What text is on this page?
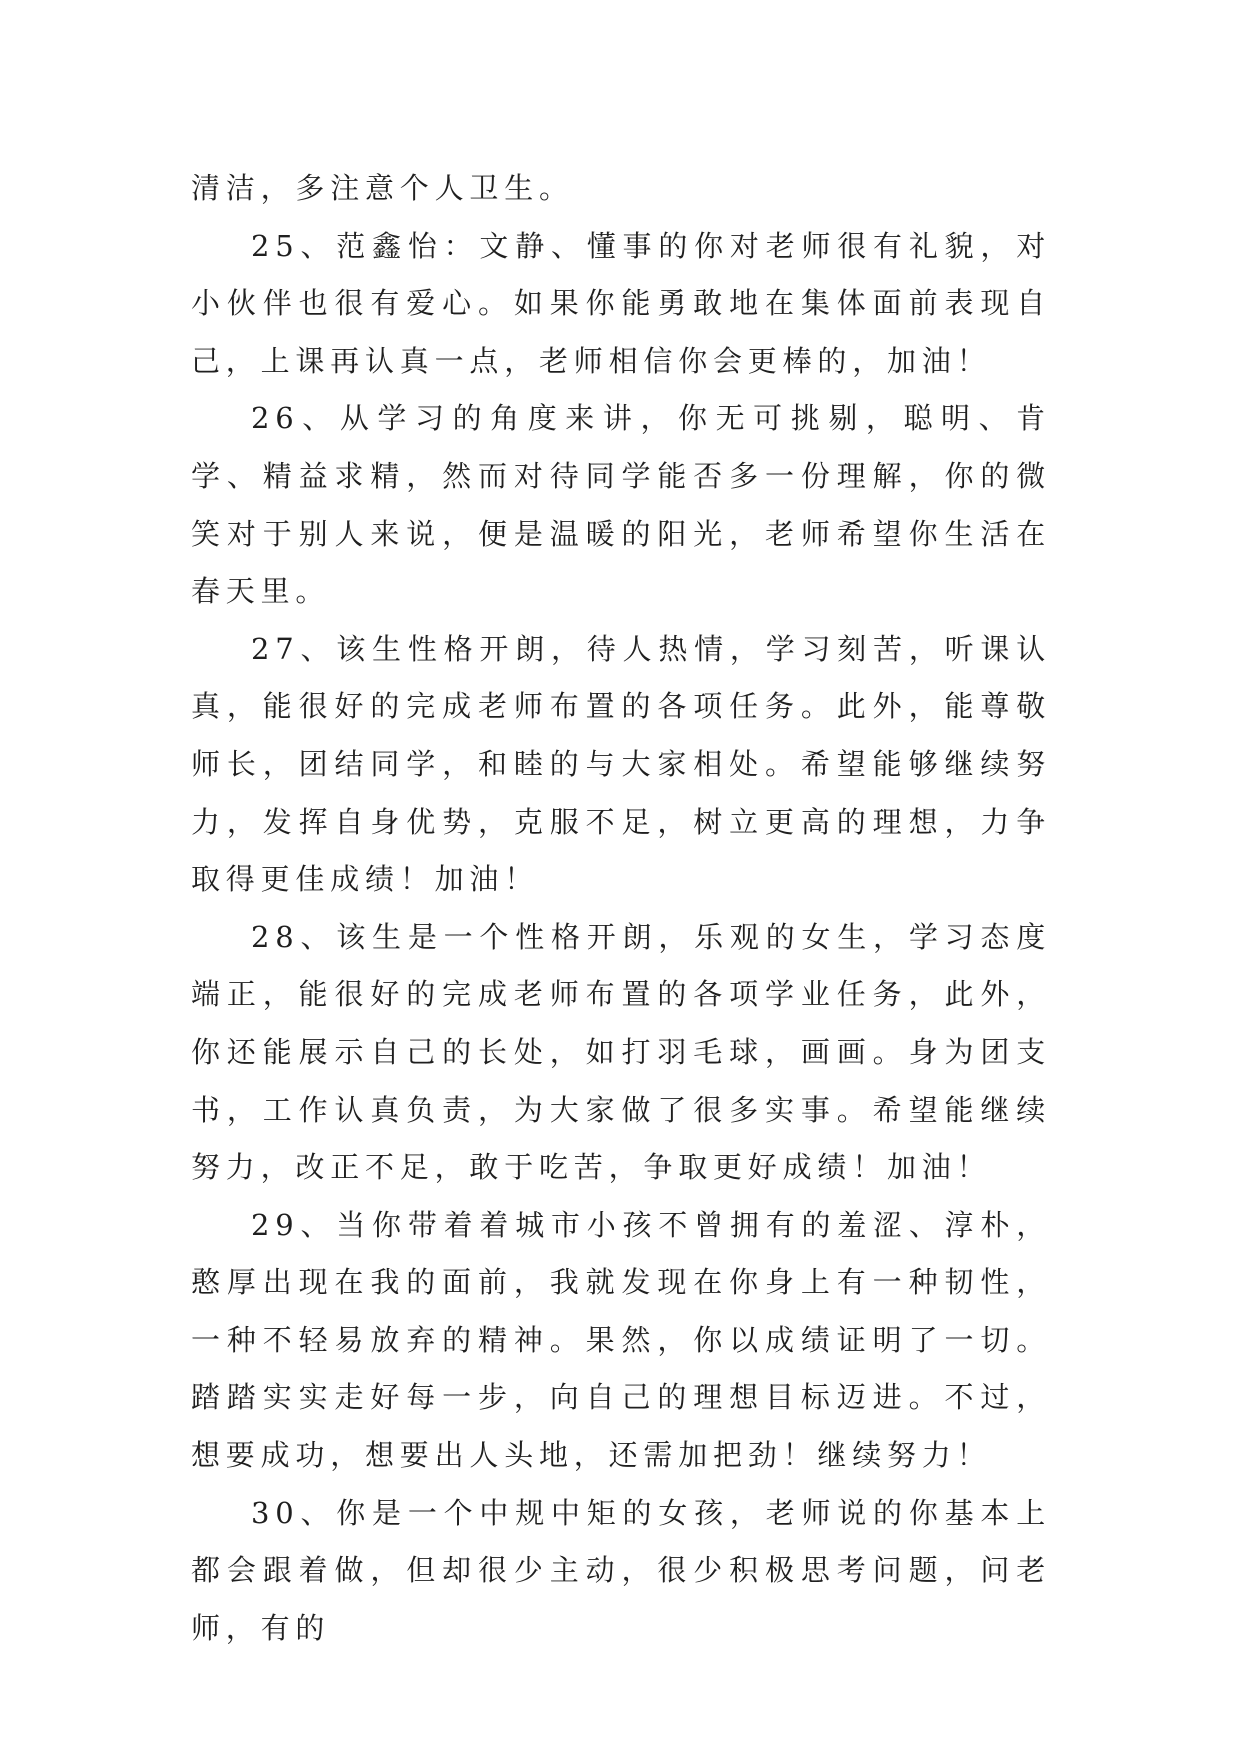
清洁，多注意个人卫生。

25、范鑫怡：文静、懂事的你对老师很有礼貌，对小伙伴也很有爱心。如果你能勇敢地在集体面前表现自己，上课再认真一点，老师相信你会更棒的，加油！

26、从学习的角度来讲，你无可挑剔，聪明、肯学、精益求精，然而对待同学能否多一份理解，你的微笑对于别人来说，便是温暖的阳光，老师希望你生活在春天里。

27、该生性格开朗，待人热情，学习刻苦，听课认真，能很好的完成老师布置的各项任务。此外，能尊敬师长，团结同学，和睦的与大家相处。希望能够继续努力，发挥自身优势，克服不足，树立更高的理想，力争取得更佳成绩！加油！

28、该生是一个性格开朗，乐观的女生，学习态度端正，能很好的完成老师布置的各项学业任务，此外，你还能展示自己的长处，如打羽毛球，画画。身为团支书，工作认真负责，为大家做了很多实事。希望能继续努力，改正不足，敢于吃苦，争取更好成绩！加油！

29、当你带着着城市小孩不曾拥有的羞涩、淳朴，憨厚出现在我的面前，我就发现在你身上有一种韧性，一种不轻易放弃的精神。果然，你以成绩证明了一切。踏踏实实走好每一步，向自己的理想目标迈进。不过，想要成功，想要出人头地，还需加把劲！继续努力！

30、你是一个中规中矩的女孩，老师说的你基本上都会跟着做，但却很少主动，很少积极思考问题，问老师，有的
